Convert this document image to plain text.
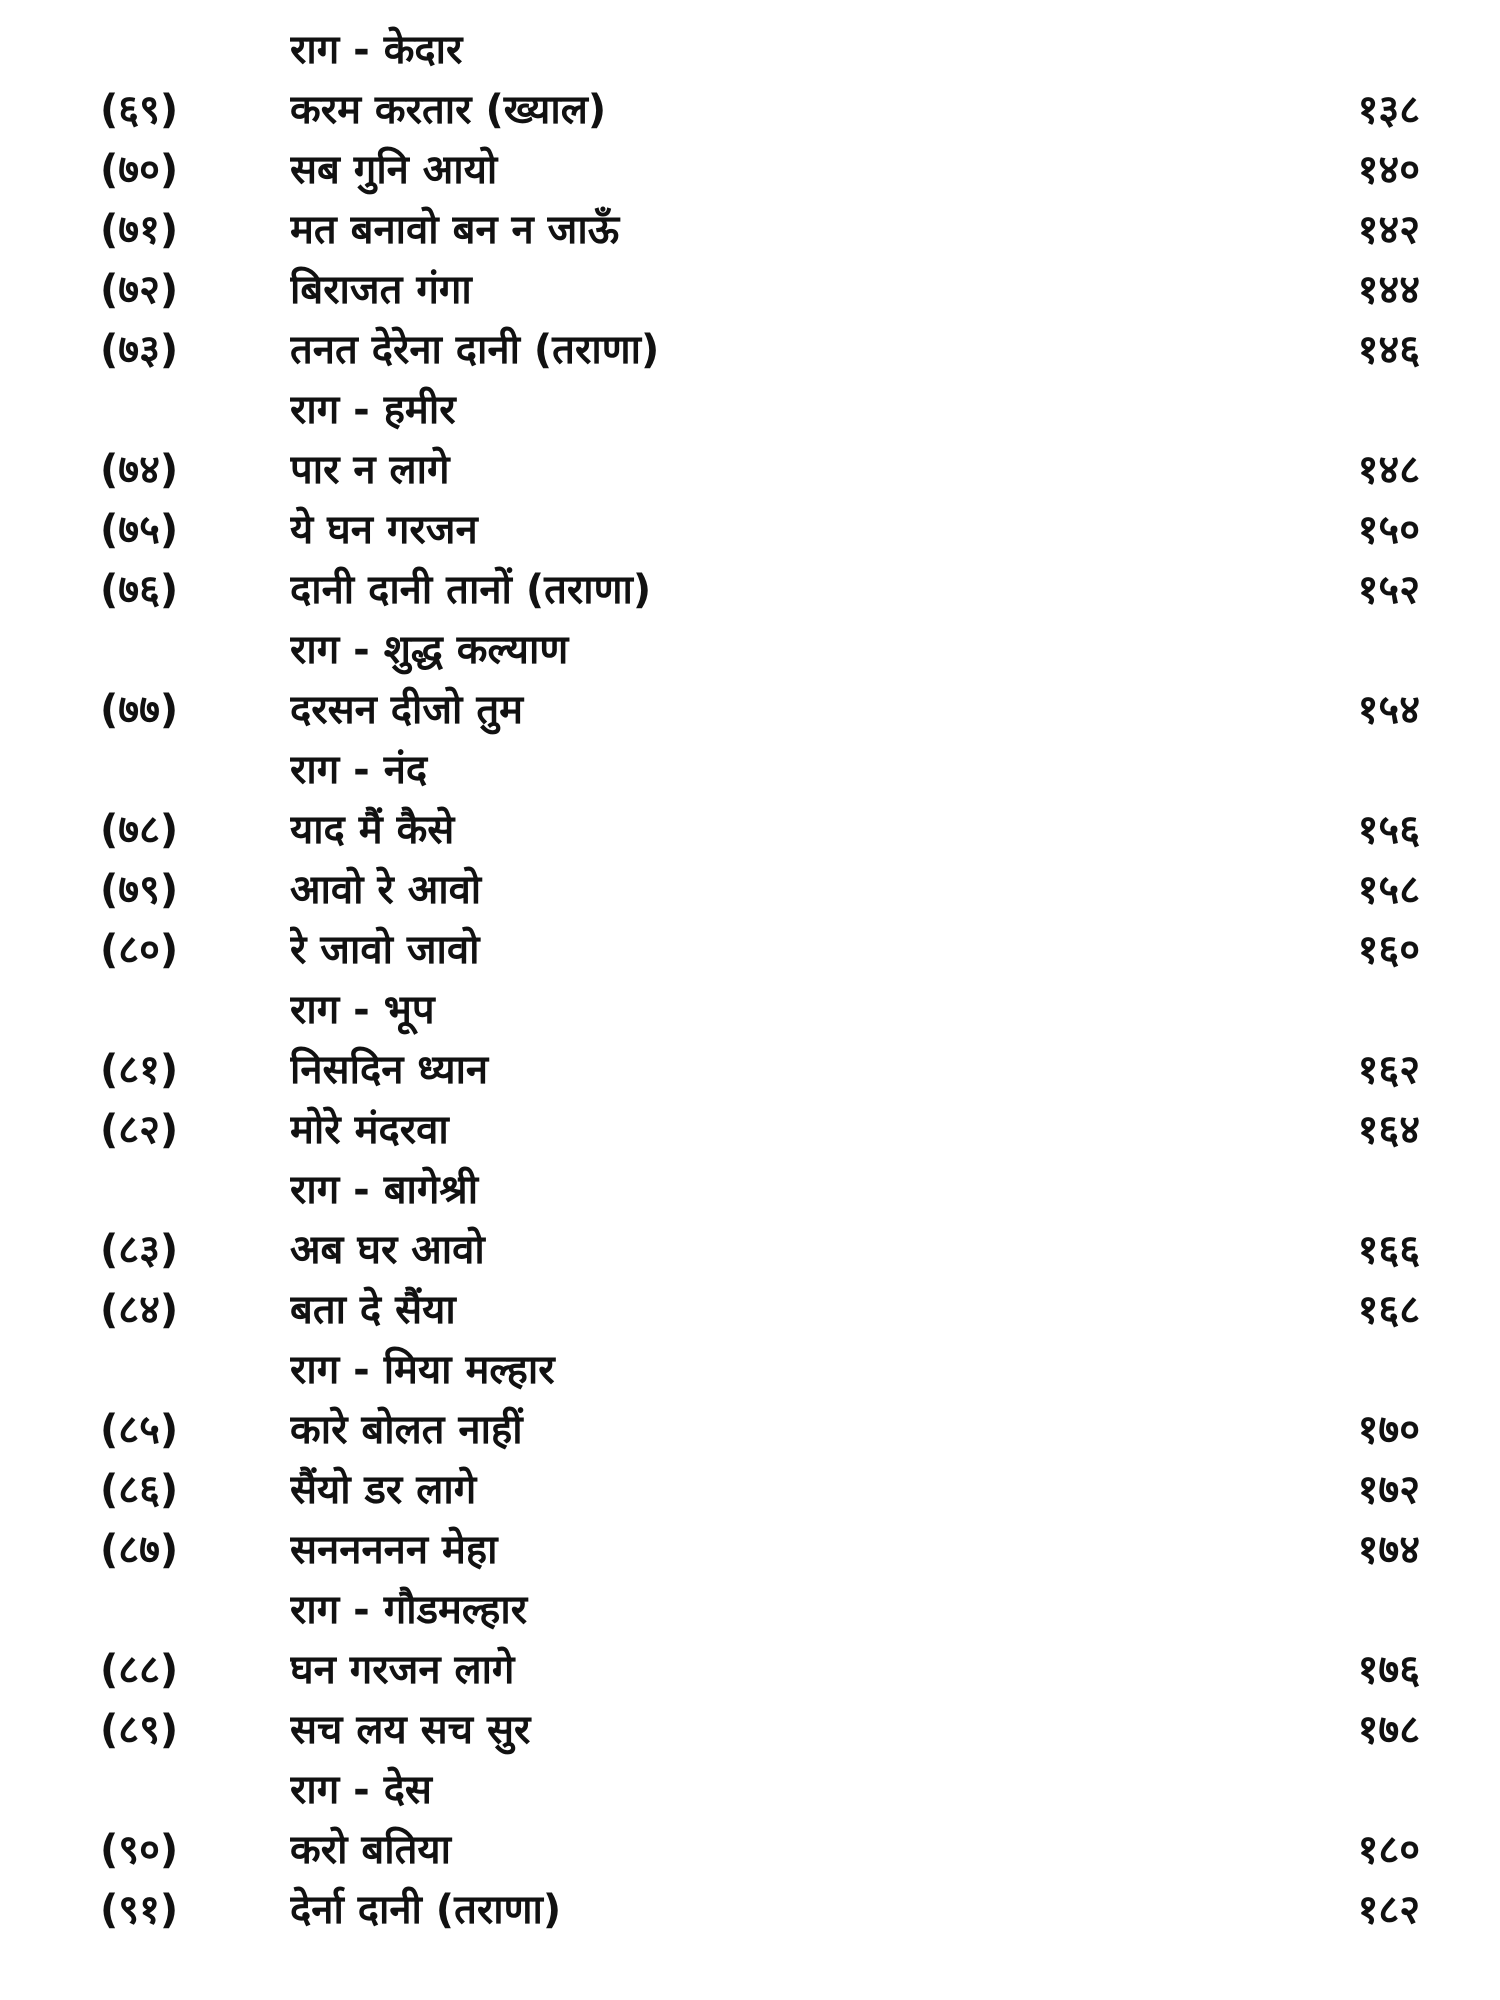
राग - केदार
(६९)	करम करतार (ख्याल)	१३८
(७०)	सब गुनि आयो	१४०
(७१)	मत बनावो बन न जाऊँ	१४२
(७२)	बिराजत गंगा	१४४
(७३)	तनत देरेना दानी (तराणा)	१४६
राग - हमीर
(७४)	पार न लागे	१४८
(७५)	ये घन गरजन	१५०
(७६)	दानी दानी तानों (तराणा)	१५२
राग - शुद्ध कल्याण
(७७)	दरसन दीजो तुम	१५४
राग - नंद
(७८)	याद मैं कैसे	१५६
(७९)	आवो रे आवो	१५८
(८०)	रे जावो जावो	१६०
राग - भूप
(८१)	निसदिन ध्यान	१६२
(८२)	मोरे मंदरवा	१६४
राग - बागेश्री
(८३)	अब घर आवो	१६६
(८४)	बता दे सैंया	१६८
राग - मिया मल्हार
(८५)	कारे बोलत नाहीं	१७०
(८६)	सैंयो डर लागे	१७२
(८७)	सननननन मेहा	१७४
राग - गौडमल्हार
(८८)	घन गरजन लागे	१७६
(८९)	सच लय सच सुर	१७८
राग - देस
(९०)	करो बतिया	१८०
(९१)	देर्ना दानी (तराणा)	१८२
